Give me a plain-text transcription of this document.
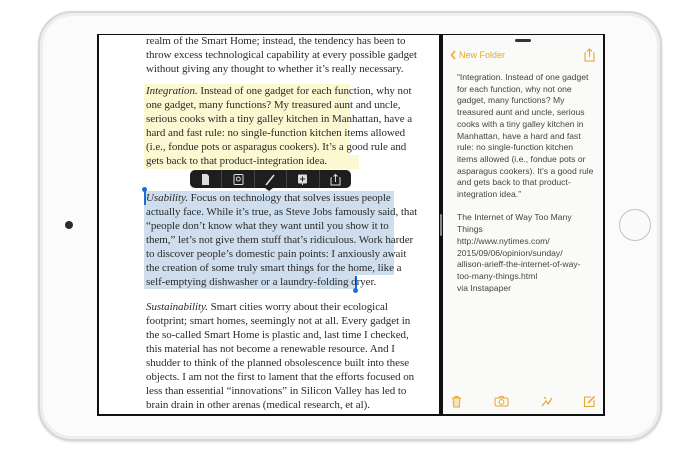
realm of the Smart Home; instead, the tendency has been to
throw excess technological capability at every possible gadget
without giving any thought to whether it’s really necessary.
Integration. Instead of one gadget for each function, why not
one gadget, many functions? My treasured aunt and uncle,
serious cooks with a tiny galley kitchen in Manhattan, have a
hard and fast rule: no single-function kitchen items allowed
(i.e., fondue pots or asparagus cookers). It’s a good rule and
gets back to that product-integration idea.
Usability. Focus on technology that solves issues people
actually face. While it’s true, as Steve Jobs famously said, that
“people don’t know what they want until you show it to
them,” let’s not give them stuff that’s ridiculous. Work harder
to discover people’s domestic pain points: I anxiously await
the creation of some truly smart things for the home, like a
self-emptying dishwasher or a laundry-folding dryer.
Sustainability. Smart cities worry about their ecological
footprint; smart homes, seemingly not at all. Every gadget in
the so-called Smart Home is plastic and, last time I checked,
this material has not become a renewable resource. And I
shudder to think of the planned obsolescence built into these
objects. I am not the first to lament that the efforts focused on
less than essential “innovations” in Silicon Valley has led to
brain drain in other arenas (medical research, et al).
New Folder
“Integration. Instead of one gadget
for each function, why not one
gadget, many functions? My
treasured aunt and uncle, serious
cooks with a tiny galley kitchen in
Manhattan, have a hard and fast
rule: no single-function kitchen
items allowed (i.e., fondue pots or
asparagus cookers). It’s a good rule
and gets back to that product-
integration idea.”
The Internet of Way Too Many
Things
http://www.nytimes.com/
2015/09/06/opinion/sunday/
allison-arieff-the-internet-of-way-
too-many-things.html
via Instapaper
